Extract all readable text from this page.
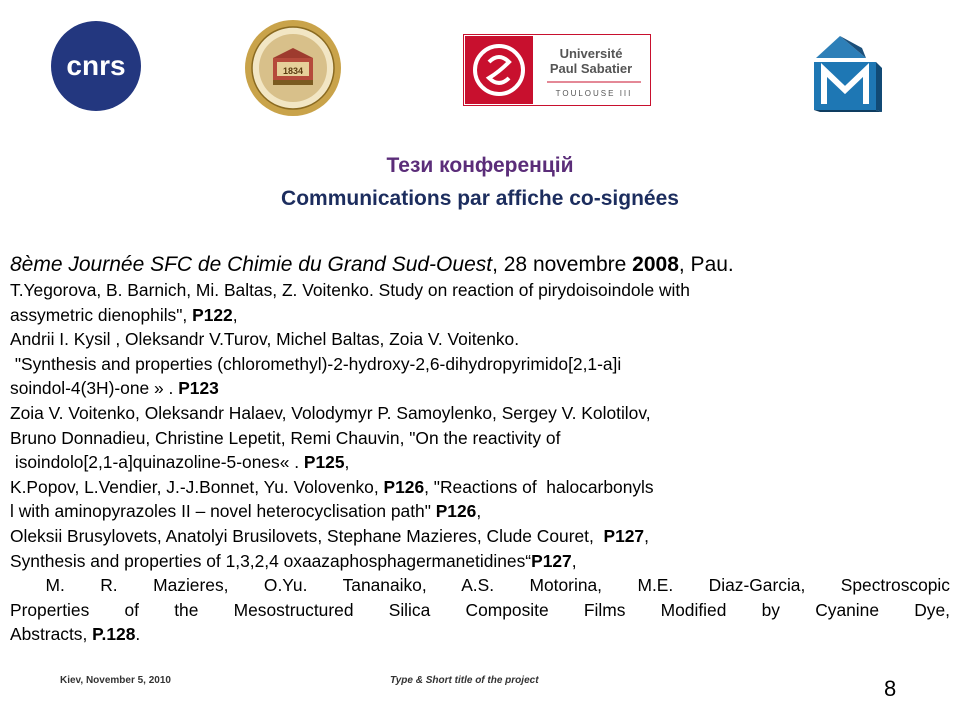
cnrs	1834
Université
Paul Sabatier
TOULOUSE III
Тези конференцій
Communications par affiche co-signées
8ème Journée SFC de Chimie du Grand Sud-Ouest, 28 novembre 2008, Pau.
T.Yegorova, B. Barnich, Mi. Baltas, Z. Voitenko. Study on reaction of pirydoisoindole with
assymetric dienophils", P122,
Andrii I. Kysil , Oleksandr V.Turov, Michel Baltas, Zoia V. Voitenko.
"Synthesis and properties (chloromethyl)-2-hydroxy-2,6-dihydropyrimido[2,1-a]i
soindol-4(3H)-one » . P123
Zoia V. Voitenko, Oleksandr Halaev, Volodymyr P. Samoylenko, Sergey V. Kolotilov,
Bruno Donnadieu, Christine Lepetit, Remi Chauvin, "On the reactivity of
isoindolo[2,1-a]quinazoline-5-ones« . P125,
K.Popov, L.Vendier, J.-J.Bonnet, Yu. Volovenko, P126, "Reactions of  halocarbonyls
l with aminopyrazoles II – novel heterocyclisation path" P126,
Oleksii Brusylovets, Anatolyi Brusilovets, Stephane Mazieres, Clude Couret,  P127,
Synthesis and properties of 1,3,2,4 oxaazaphosphagermanetidines“P127,
M. R. Mazieres, O.Yu. Tananaiko, A.S. Motorina, M.E. Diaz-Garcia, Spectroscopic
Properties of the Mesostructured Silica Composite Films Modified by Cyanine Dye,
Abstracts, P.128.
Kiev, November 5, 2010	Type & Short title of the project	8
